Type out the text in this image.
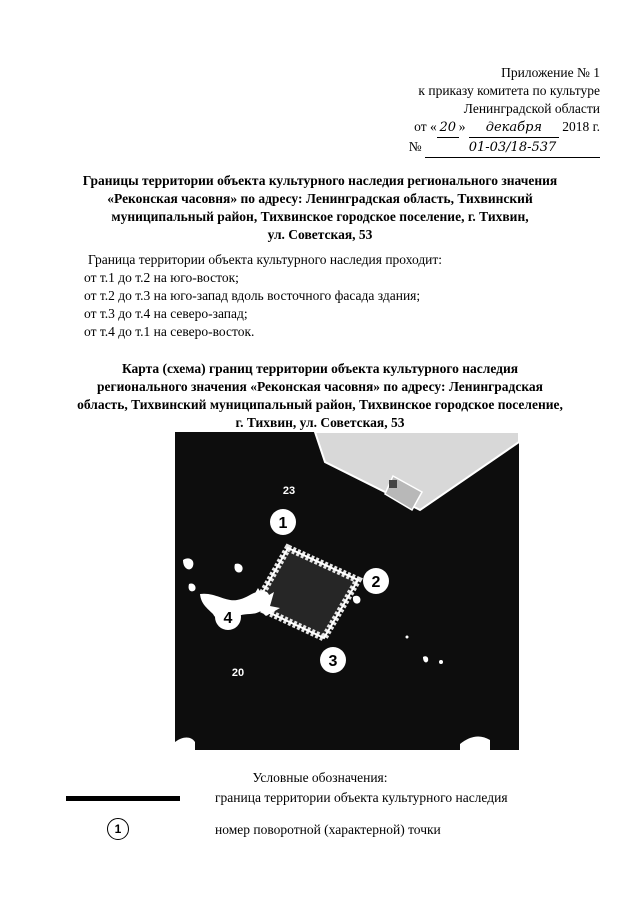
Приложение № 1
к приказу комитета по культуре
Ленинградской области
от « 20 » декабря 2018 г.
№	01-03/18-537
Границы территории объекта культурного наследия регионального значения
«Реконская часовня» по адресу: Ленинградская область, Тихвинский
муниципальный район, Тихвинское городское поселение, г. Тихвин,
ул. Советская, 53
Граница территории объекта культурного наследия проходит:
от т.1 до т.2 на юго-восток;
от т.2 до т.3 на юго-запад вдоль восточного фасада здания;
от т.3 до т.4 на северо-запад;
от т.4 до т.1 на северо-восток.
Карта (схема) границ территории объекта культурного наследия
регионального значения «Реконская часовня» по адресу: Ленинградская
область, Тихвинский муниципальный район, Тихвинское городское поселение,
г. Тихвин, ул. Советская, 53
1
2
3
4
23
20
Условные обозначения:
граница территории объекта культурного наследия
1	номер поворотной (характерной) точки
